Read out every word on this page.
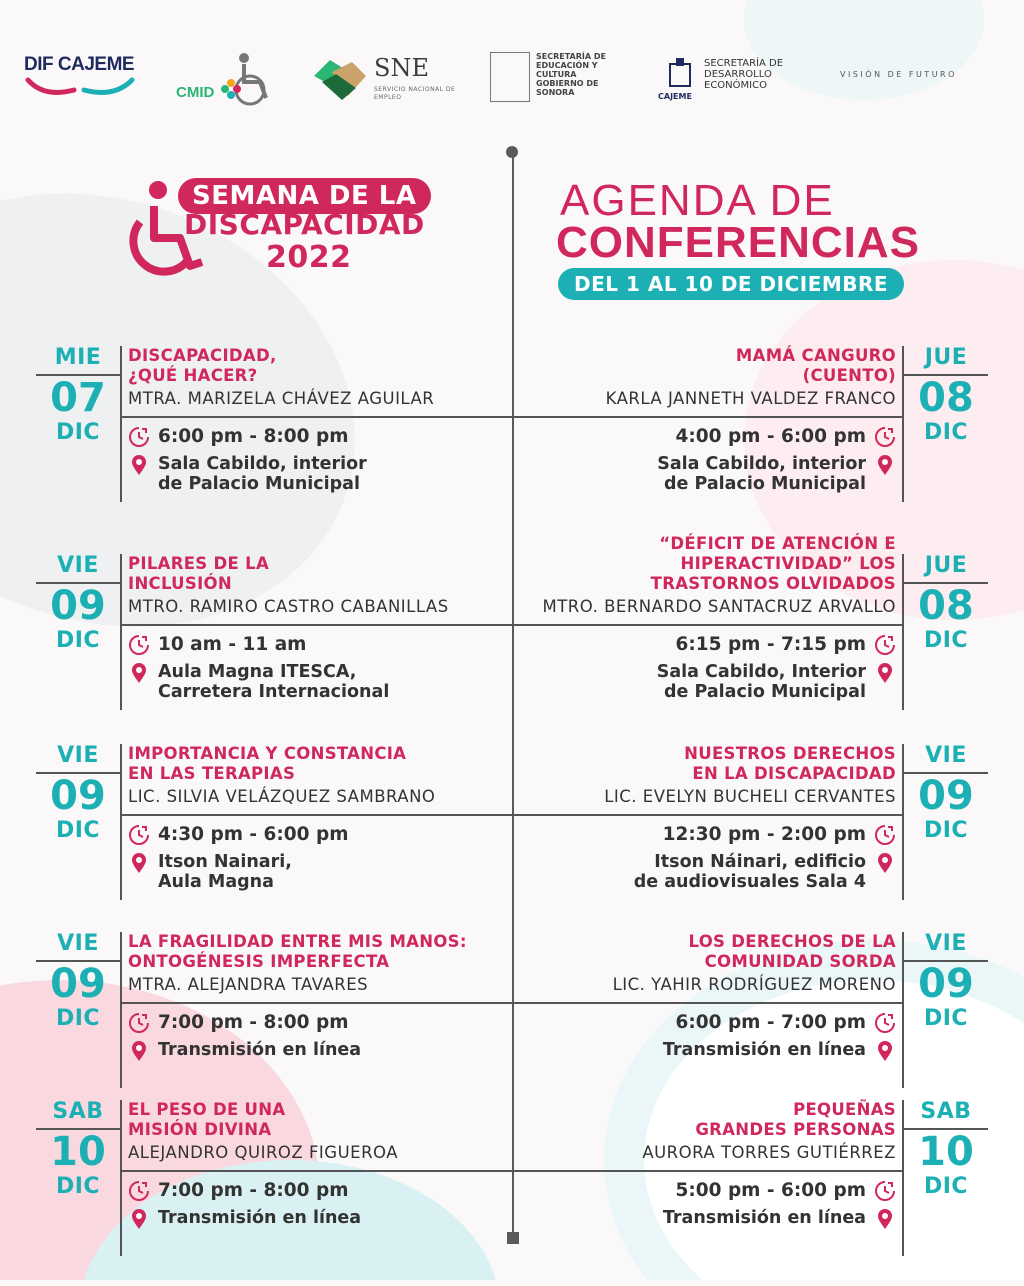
DIF CAJEME
CMID
SNE
SERVICIO NACIONAL DE EMPLEO
SECRETARÍA DE EDUCACIÓN Y CULTURA GOBIERNO DE SONORA	CAJEME
SECRETARÍA DE DESARROLLO ECONÓMICO
VISIÓN DE FUTURO
SEMANA DE LA
DISCAPACIDAD
2022
AGENDA DE
CONFERENCIAS
DEL 1 AL 10 DE DICIEMBRE
MIE
07
DIC
DISCAPACIDAD,
¿QUÉ HACER?
MTRA. MARIZELA CHÁVEZ AGUILAR
6:00 pm - 8:00 pm
Sala Cabildo, interior
de Palacio Municipal
VIE
09
DIC
PILARES DE LA
INCLUSIÓN
MTRO. RAMIRO CASTRO CABANILLAS
10 am - 11 am
Aula Magna ITESCA,
Carretera Internacional
VIE
09
DIC
IMPORTANCIA Y CONSTANCIA
EN LAS TERAPIAS
LIC. SILVIA VELÁZQUEZ SAMBRANO
4:30 pm - 6:00 pm
Itson Nainari,
Aula Magna
VIE
09
DIC
LA FRAGILIDAD ENTRE MIS MANOS:
ONTOGÉNESIS IMPERFECTA
MTRA. ALEJANDRA TAVARES
7:00 pm - 8:00 pm
Transmisión en línea
SAB
10
DIC
EL PESO DE UNA
MISIÓN DIVINA
ALEJANDRO QUIROZ FIGUEROA
7:00 pm - 8:00 pm
Transmisión en línea
JUE
08
DIC
MAMÁ CANGURO
(CUENTO)
KARLA JANNETH VALDEZ FRANCO
4:00 pm - 6:00 pm
Sala Cabildo, interior
de Palacio Municipal
JUE
08
DIC
“DÉFICIT DE ATENCIÓN E
HIPERACTIVIDAD” LOS
TRASTORNOS OLVIDADOS
MTRO. BERNARDO SANTACRUZ ARVALLO
6:15 pm - 7:15 pm
Sala Cabildo, Interior
de Palacio Municipal
VIE
09
DIC
NUESTROS DERECHOS
EN LA DISCAPACIDAD
LIC. EVELYN BUCHELI CERVANTES
12:30 pm - 2:00 pm
Itson Náinari, edificio
de audiovisuales Sala 4
VIE
09
DIC
LOS DERECHOS DE LA
COMUNIDAD SORDA
LIC. YAHIR RODRÍGUEZ MORENO
6:00 pm - 7:00 pm
Transmisión en línea
SAB
10
DIC
PEQUEÑAS
GRANDES PERSONAS
AURORA TORRES GUTIÉRREZ
5:00 pm - 6:00 pm
Transmisión en línea
